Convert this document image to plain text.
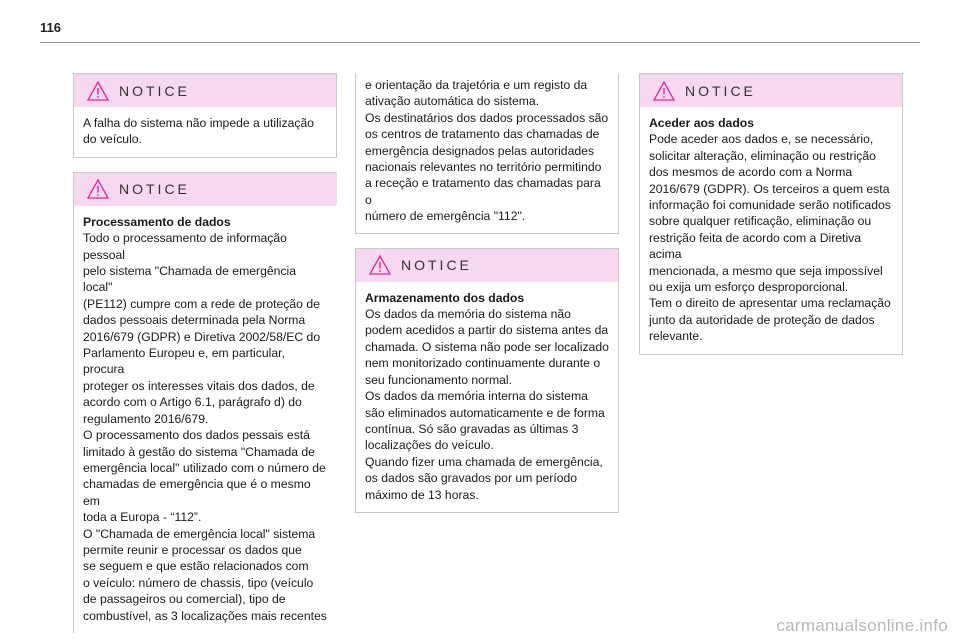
116
NOTICE

A falha do sistema não impede a utilização do veículo.

NOTICE

Processamento de dados

Todo o processamento de informação pessoal
pelo sistema "Chamada de emergência local"
(PE112) cumpre com a rede de proteção de
dados pessoais determinada pela Norma
2016/679 (GDPR) e Diretiva 2002/58/EC do
Parlamento Europeu e, em particular, procura
proteger os interesses vitais dos dados, de
acordo com o Artigo 6.1, parágrafo d) do
regulamento 2016/679.
O processamento dos dados pessais está
limitado à gestão do sistema "Chamada de
emergência local" utilizado com o número de
chamadas de emergência que é o mesmo em
toda a Europa - “112”.
O "Chamada de emergência local" sistema
permite reunir e processar os dados que
se seguem e que estão relacionados com
o veículo: número de chassis, tipo (veículo
de passageiros ou comercial), tipo de
combustível, as 3 localizações mais recentes
e orientação da trajetória e um registo da
ativação automática do sistema.
Os destinatários dos dados processados são
os centros de tratamento das chamadas de
emergência designados pelas autoridades
nacionais relevantes no território permitindo
a receção e tratamento das chamadas para o
número de emergência "112".
NOTICE

Armazenamento dos dados

Os dados da memória do sistema não
podem acedidos a partir do sistema antes da
chamada. O sistema não pode ser localizado
nem monitorizado continuamente durante o
seu funcionamento normal.
Os dados da memória interna do sistema
são eliminados automaticamente e de forma
contínua. Só são gravadas as últimas 3
localizações do veículo.
Quando fizer uma chamada de emergência,
os dados são gravados por um período
máximo de 13 horas.
NOTICE

Aceder aos dados

Pode aceder aos dados e, se necessário,
solicitar alteração, eliminação ou restrição
dos mesmos de acordo com a Norma
2016/679 (GDPR). Os terceiros a quem esta
informação foi comunidade serão notificados
sobre qualquer retificação, eliminação ou
restrição feita de acordo com a Diretiva acima
mencionada, a mesmo que seja impossível
ou exija um esforço desproporcional.
Tem o direito de apresentar uma reclamação
junto da autoridade de proteção de dados
relevante.
carmanualsonline.info
